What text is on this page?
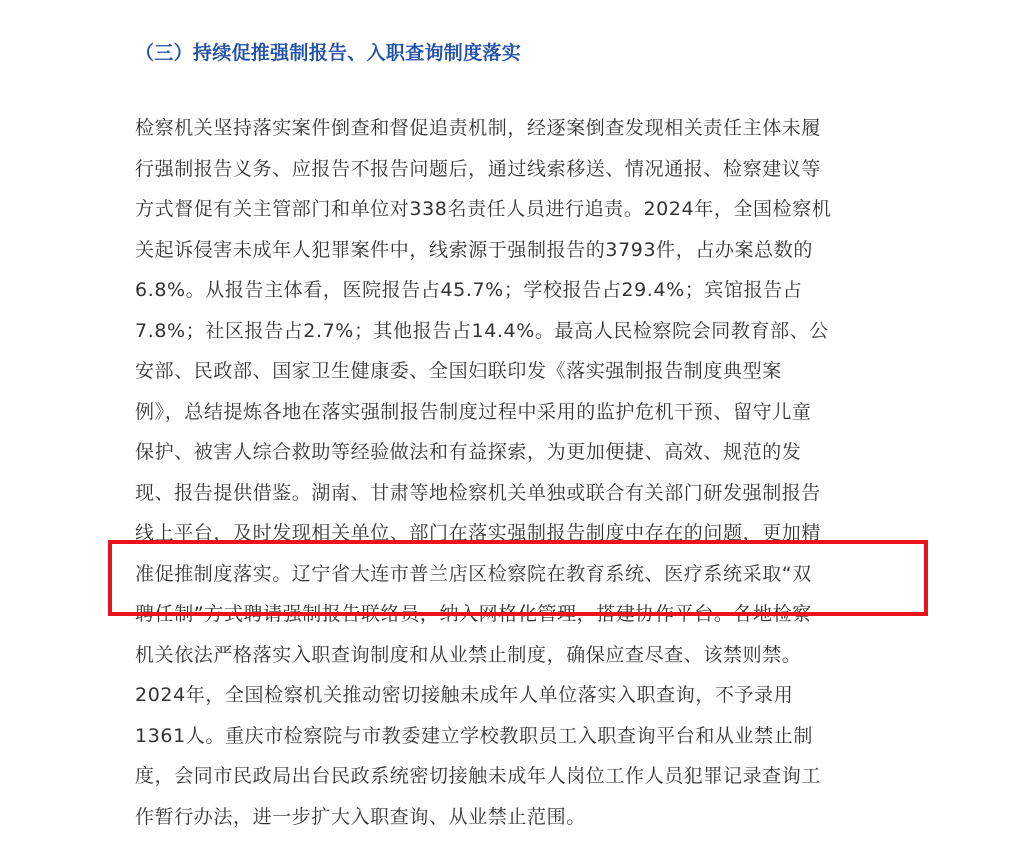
（三）持续促推强制报告、入职查询制度落实
检察机关坚持落实案件倒查和督促追责机制，经逐案倒查发现相关责任主体未履
行强制报告义务、应报告不报告问题后，通过线索移送、情况通报、检察建议等
方式督促有关主管部门和单位对338名责任人员进行追责。2024年，全国检察机
关起诉侵害未成年人犯罪案件中，线索源于强制报告的3793件，占办案总数的
6.8%。从报告主体看，医院报告占45.7%；学校报告占29.4%；宾馆报告占
7.8%；社区报告占2.7%；其他报告占14.4%。最高人民检察院会同教育部、公
安部、民政部、国家卫生健康委、全国妇联印发《落实强制报告制度典型案
例》，总结提炼各地在落实强制报告制度过程中采用的监护危机干预、留守儿童
保护、被害人综合救助等经验做法和有益探索，为更加便捷、高效、规范的发
现、报告提供借鉴。湖南、甘肃等地检察机关单独或联合有关部门研发强制报告
线上平台，及时发现相关单位、部门在落实强制报告制度中存在的问题，更加精
准促推制度落实。辽宁省大连市普兰店区检察院在教育系统、医疗系统采取“双
聘任制”方式聘请强制报告联络员，纳入网格化管理，搭建协作平台。各地检察
机关依法严格落实入职查询制度和从业禁止制度，确保应查尽查、该禁则禁。
2024年，全国检察机关推动密切接触未成年人单位落实入职查询，不予录用
1361人。重庆市检察院与市教委建立学校教职员工入职查询平台和从业禁止制
度，会同市民政局出台民政系统密切接触未成年人岗位工作人员犯罪记录查询工
作暂行办法，进一步扩大入职查询、从业禁止范围。
